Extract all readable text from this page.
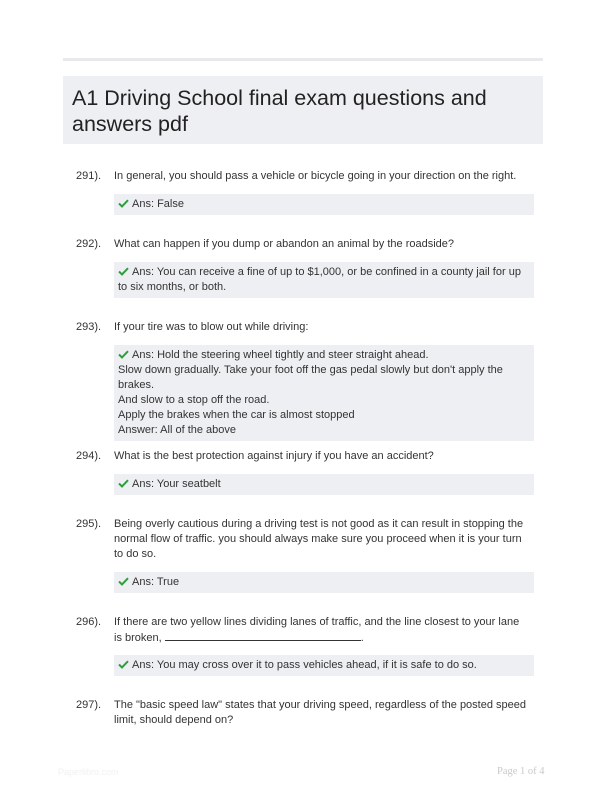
A1 Driving School final exam questions and answers pdf
291). In general, you should pass a vehicle or bicycle going in your direction on the right.
Ans: False
292). What can happen if you dump or abandon an animal by the roadside?
Ans: You can receive a fine of up to $1,000, or be confined in a county jail for up to six months, or both.
293). If your tire was to blow out while driving:
Ans: Hold the steering wheel tightly and steer straight ahead.
Slow down gradually. Take your foot off the gas pedal slowly but don't apply the brakes.
And slow to a stop off the road.
Apply the brakes when the car is almost stopped
Answer: All of the above
294). What is the best protection against injury if you have an accident?
Ans: Your seatbelt
295). Being overly cautious during a driving test is not good as it can result in stopping the normal flow of traffic. you should always make sure you proceed when it is your turn to do so.
Ans: True
296). If there are two yellow lines dividing lanes of traffic, and the line closest to your lane is broken,	.
Ans: You may cross over it to pass vehicles ahead, if it is safe to do so.
297). The "basic speed law" states that your driving speed, regardless of the posted speed limit, should depend on?
Paperlibro.com	Page 1 of 4
